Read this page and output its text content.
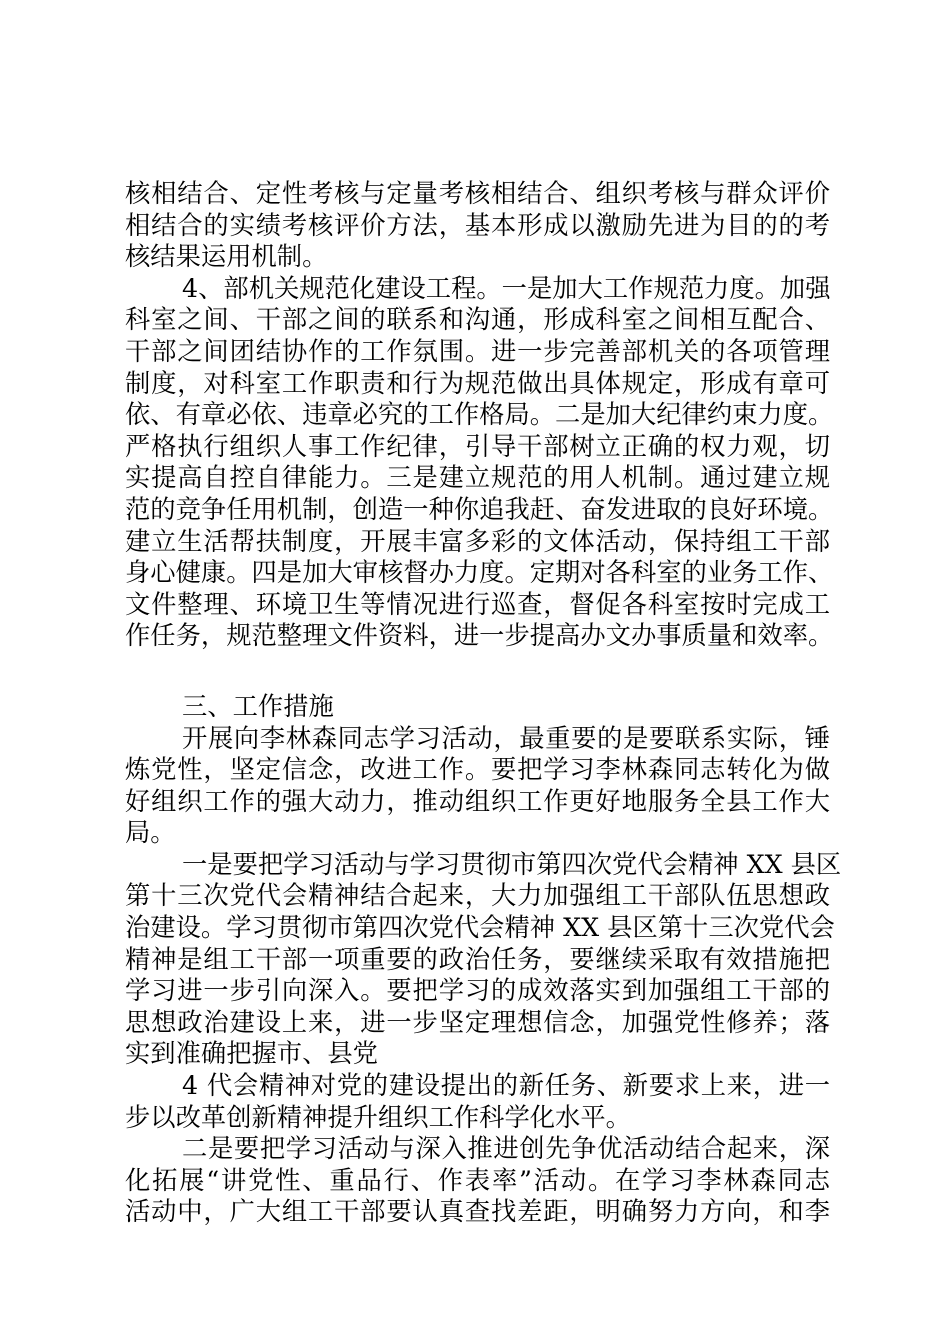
核相结合、定性考核与定量考核相结合、组织考核与群众评价
相结合的实绩考核评价方法，基本形成以激励先进为目的的考
核结果运用机制。
4、部机关规范化建设工程。一是加大工作规范力度。加强
科室之间、干部之间的联系和沟通，形成科室之间相互配合、
干部之间团结协作的工作氛围。进一步完善部机关的各项管理
制度，对科室工作职责和行为规范做出具体规定，形成有章可
依、有章必依、违章必究的工作格局。二是加大纪律约束力度。
严格执行组织人事工作纪律，引导干部树立正确的权力观，切
实提高自控自律能力。三是建立规范的用人机制。通过建立规
范的竞争任用机制，创造一种你追我赶、奋发进取的良好环境。
建立生活帮扶制度，开展丰富多彩的文体活动，保持组工干部
身心健康。四是加大审核督办力度。定期对各科室的业务工作、
文件整理、环境卫生等情况进行巡查，督促各科室按时完成工
作任务，规范整理文件资料，进一步提高办文办事质量和效率。
三、工作措施
开展向李林森同志学习活动，最重要的是要联系实际，锤
炼党性，坚定信念，改进工作。要把学习李林森同志转化为做
好组织工作的强大动力，推动组织工作更好地服务全县工作大
局。
一是要把学习活动与学习贯彻市第四次党代会精神 XX 县区
第十三次党代会精神结合起来，大力加强组工干部队伍思想政
治建设。学习贯彻市第四次党代会精神 XX 县区第十三次党代会
精神是组工干部一项重要的政治任务，要继续采取有效措施把
学习进一步引向深入。要把学习的成效落实到加强组工干部的
思想政治建设上来，进一步坚定理想信念，加强党性修养；落
实到准确把握市、县党
4 代会精神对党的建设提出的新任务、新要求上来，进一
步以改革创新精神提升组织工作科学化水平。
二是要把学习活动与深入推进创先争优活动结合起来，深
化拓展“讲党性、重品行、作表率”活动。在学习李林森同志
活动中，广大组工干部要认真查找差距，明确努力方向，和李
